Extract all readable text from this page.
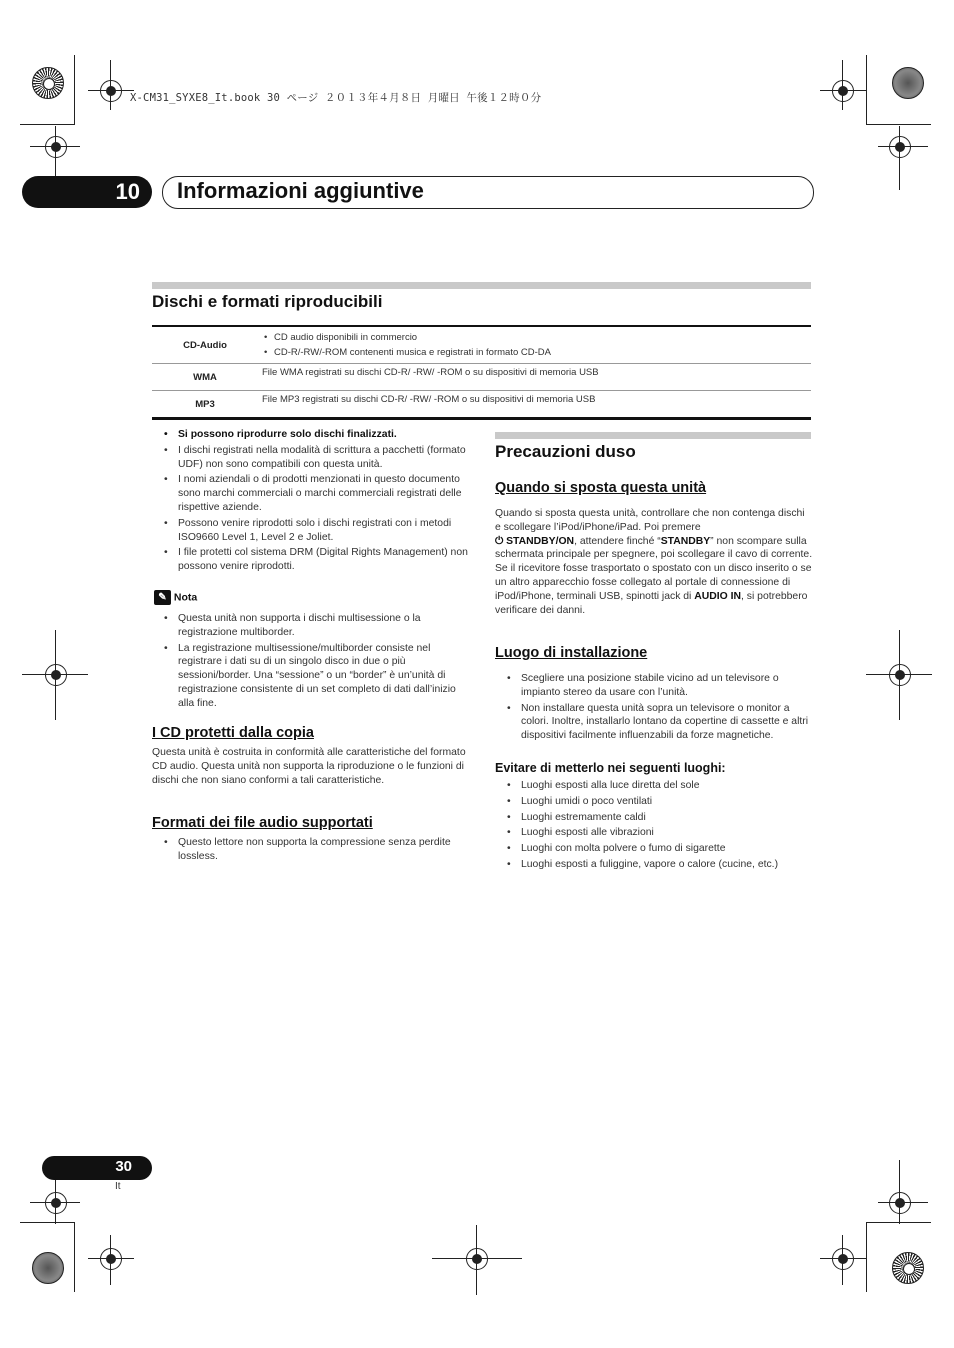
X-CM31_SYXE8_It.book 30 ページ ２０１３年４月８日 月曜日 午後１２時０分
10 Informazioni aggiuntive
Dischi e formati riproducibili
CD-Audio
• CD audio disponibili in commercio
• CD-R/-RW/-ROM contenenti musica e registrati in formato CD-DA
WMA	File WMA registrati su dischi CD-R/ -RW/ -ROM o su dispositivi di memoria USB
MP3	File MP3 registrati su dischi CD-R/ -RW/ -ROM o su dispositivi di memoria USB
• Si possono riprodurre solo dischi finalizzati.
• I dischi registrati nella modalità di scrittura a pacchetti (formato UDF) non sono compatibili con questa unità.
• I nomi aziendali o di prodotti menzionati in questo documento sono marchi commerciali o marchi commerciali registrati delle rispettive aziende.
• Possono venire riprodotti solo i dischi registrati con i metodi ISO9660 Level 1, Level 2 e Joliet.
• I file protetti col sistema DRM (Digital Rights Management) non possono venire riprodotti.
✎ Nota
• Questa unità non supporta i dischi multisessione o la registrazione multiborder.
• La registrazione multisessione/multiborder consiste nel registrare i dati su di un singolo disco in due o più sessioni/border. Una “sessione” o un “border” è un’unità di registrazione consistente di un set completo di dati dall’inizio alla fine.
I CD protetti dalla copia

Questa unità è costruita in conformità alle caratteristiche del formato CD audio. Questa unità non supporta la riproduzione o le funzioni di dischi che non siano conformi a tali caratteristiche.

Formati dei file audio supportati
• Questo lettore non supporta la compressione senza perdite lossless.
Precauzioni duso
Quando si sposta questa unità

Quando si sposta questa unità, controllare che non contenga dischi e scollegare l’iPod/iPhone/iPad. Poi premere
⏻ STANDBY/ON, attendere finché “STANDBY” non scompare sulla schermata principale per spegnere, poi scollegare il cavo di corrente. Se il ricevitore fosse trasportato o spostato con un disco inserito o se un altro apparecchio fosse collegato al portale di connessione di iPod/iPhone, terminali USB, spinotti jack di AUDIO IN, si potrebbero verificare dei danni.

Luogo di installazione
• Scegliere una posizione stabile vicino ad un televisore o impianto stereo da usare con l’unità.
• Non installare questa unità sopra un televisore o monitor a colori. Inoltre, installarlo lontano da copertine di cassette e altri dispositivi facilmente influenzabili da forze magnetiche.
Evitare di metterlo nei seguenti luoghi:
• Luoghi esposti alla luce diretta del sole
• Luoghi umidi o poco ventilati
• Luoghi estremamente caldi
• Luoghi esposti alle vibrazioni
• Luoghi con molta polvere o fumo di sigarette
• Luoghi esposti a fuliggine, vapore o calore (cucine, etc.)
30
It
